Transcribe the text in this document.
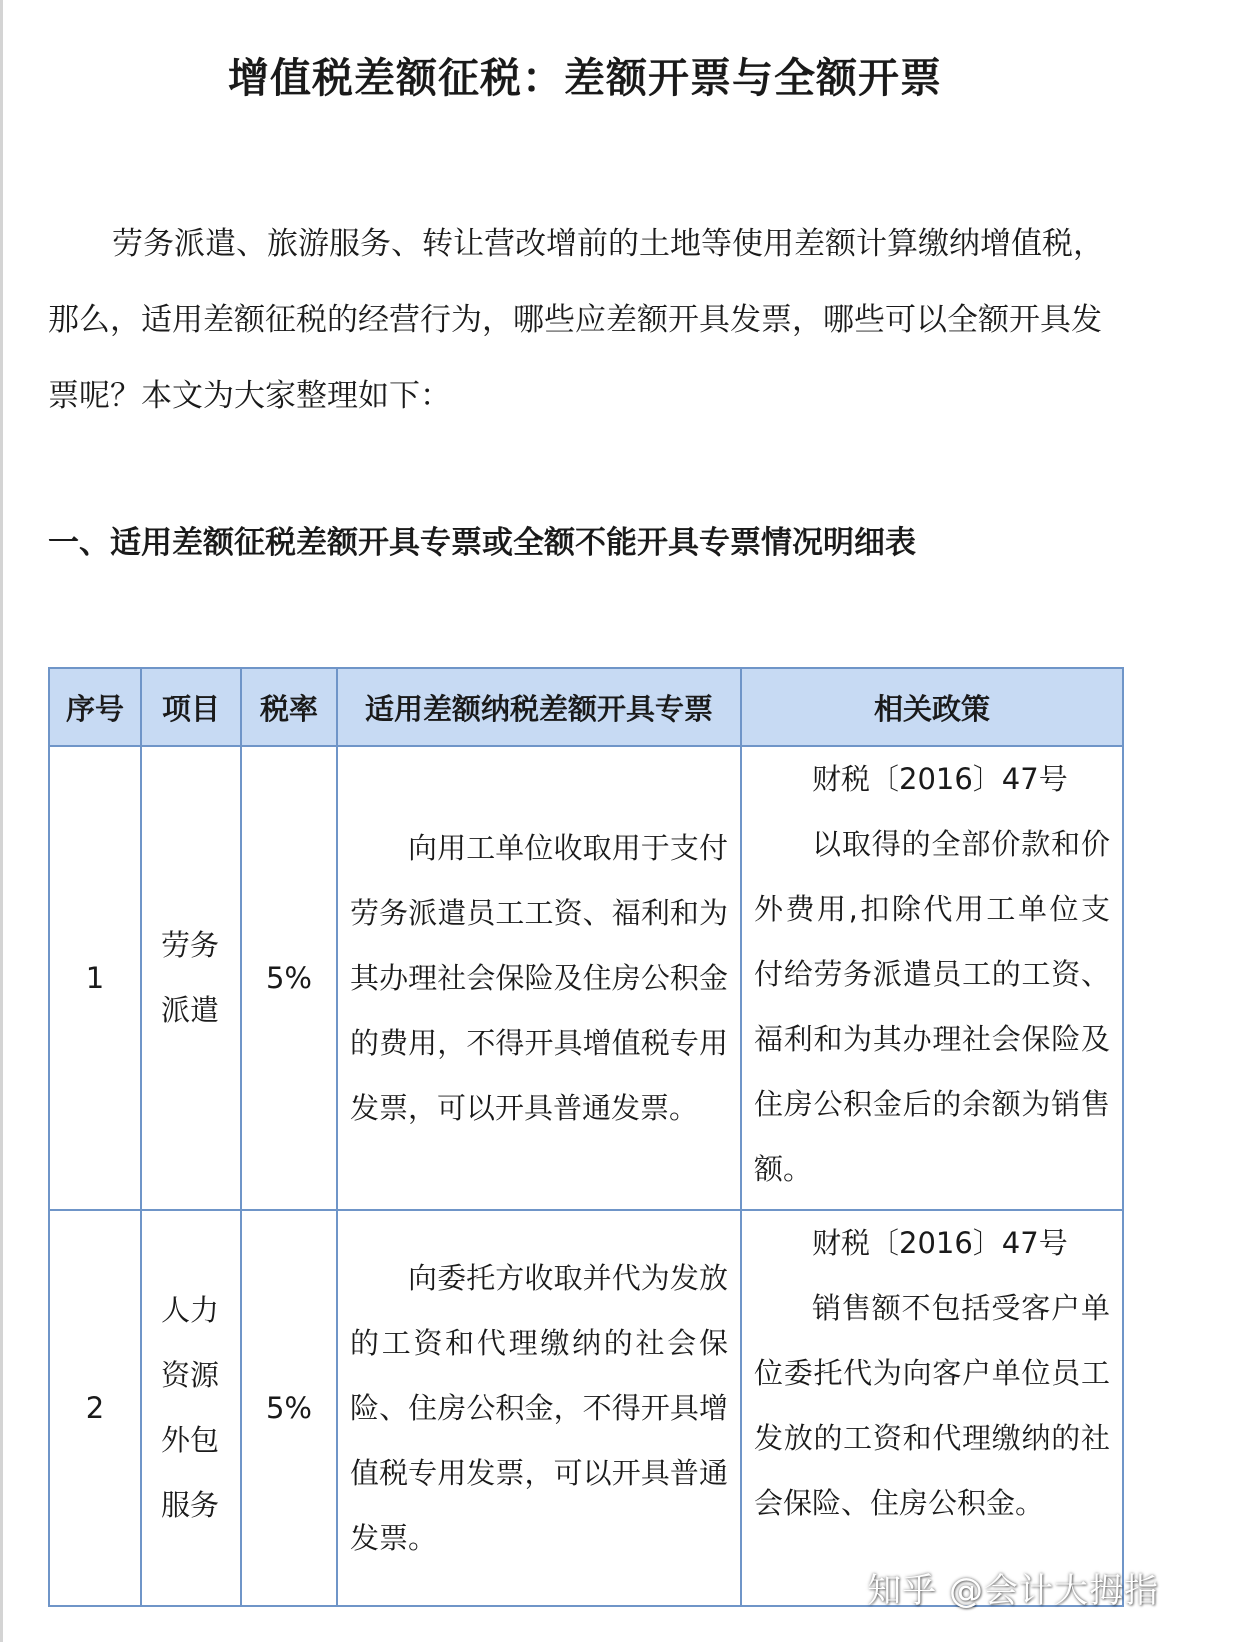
增值税差额征税：差额开票与全额开票

劳务派遣、旅游服务、转让营改增前的土地等使用差额计算缴纳增值税，那么，适用差额征税的经营行为，哪些应差额开具发票，哪些可以全额开具发票呢？本文为大家整理如下：

一、适用差额征税差额开具专票或全额不能开具专票情况明细表
序号	项目	税率	适用差额纳税差额开具专票	相关政策
1	劳务派遣	5%	向用工单位收取用于支付劳务派遣员工工资、福利和为其办理社会保险及住房公积金的费用，不得开具增值税专用发票，可以开具普通发票。	财税〔2016〕47号
以取得的全部价款和价外费用,扣除代用工单位支付给劳务派遣员工的工资、福利和为其办理社会保险及住房公积金后的余额为销售额。

2	人力资源外包服务	5%	向委托方收取并代为发放的工资和代理缴纳的社会保险、住房公积金，不得开具增值税专用发票，可以开具普通发票。	财税〔2016〕47号
销售额不包括受客户单位委托代为向客户单位员工发放的工资和代理缴纳的社会保险、住房公积金。
知乎 @会计大拇指
